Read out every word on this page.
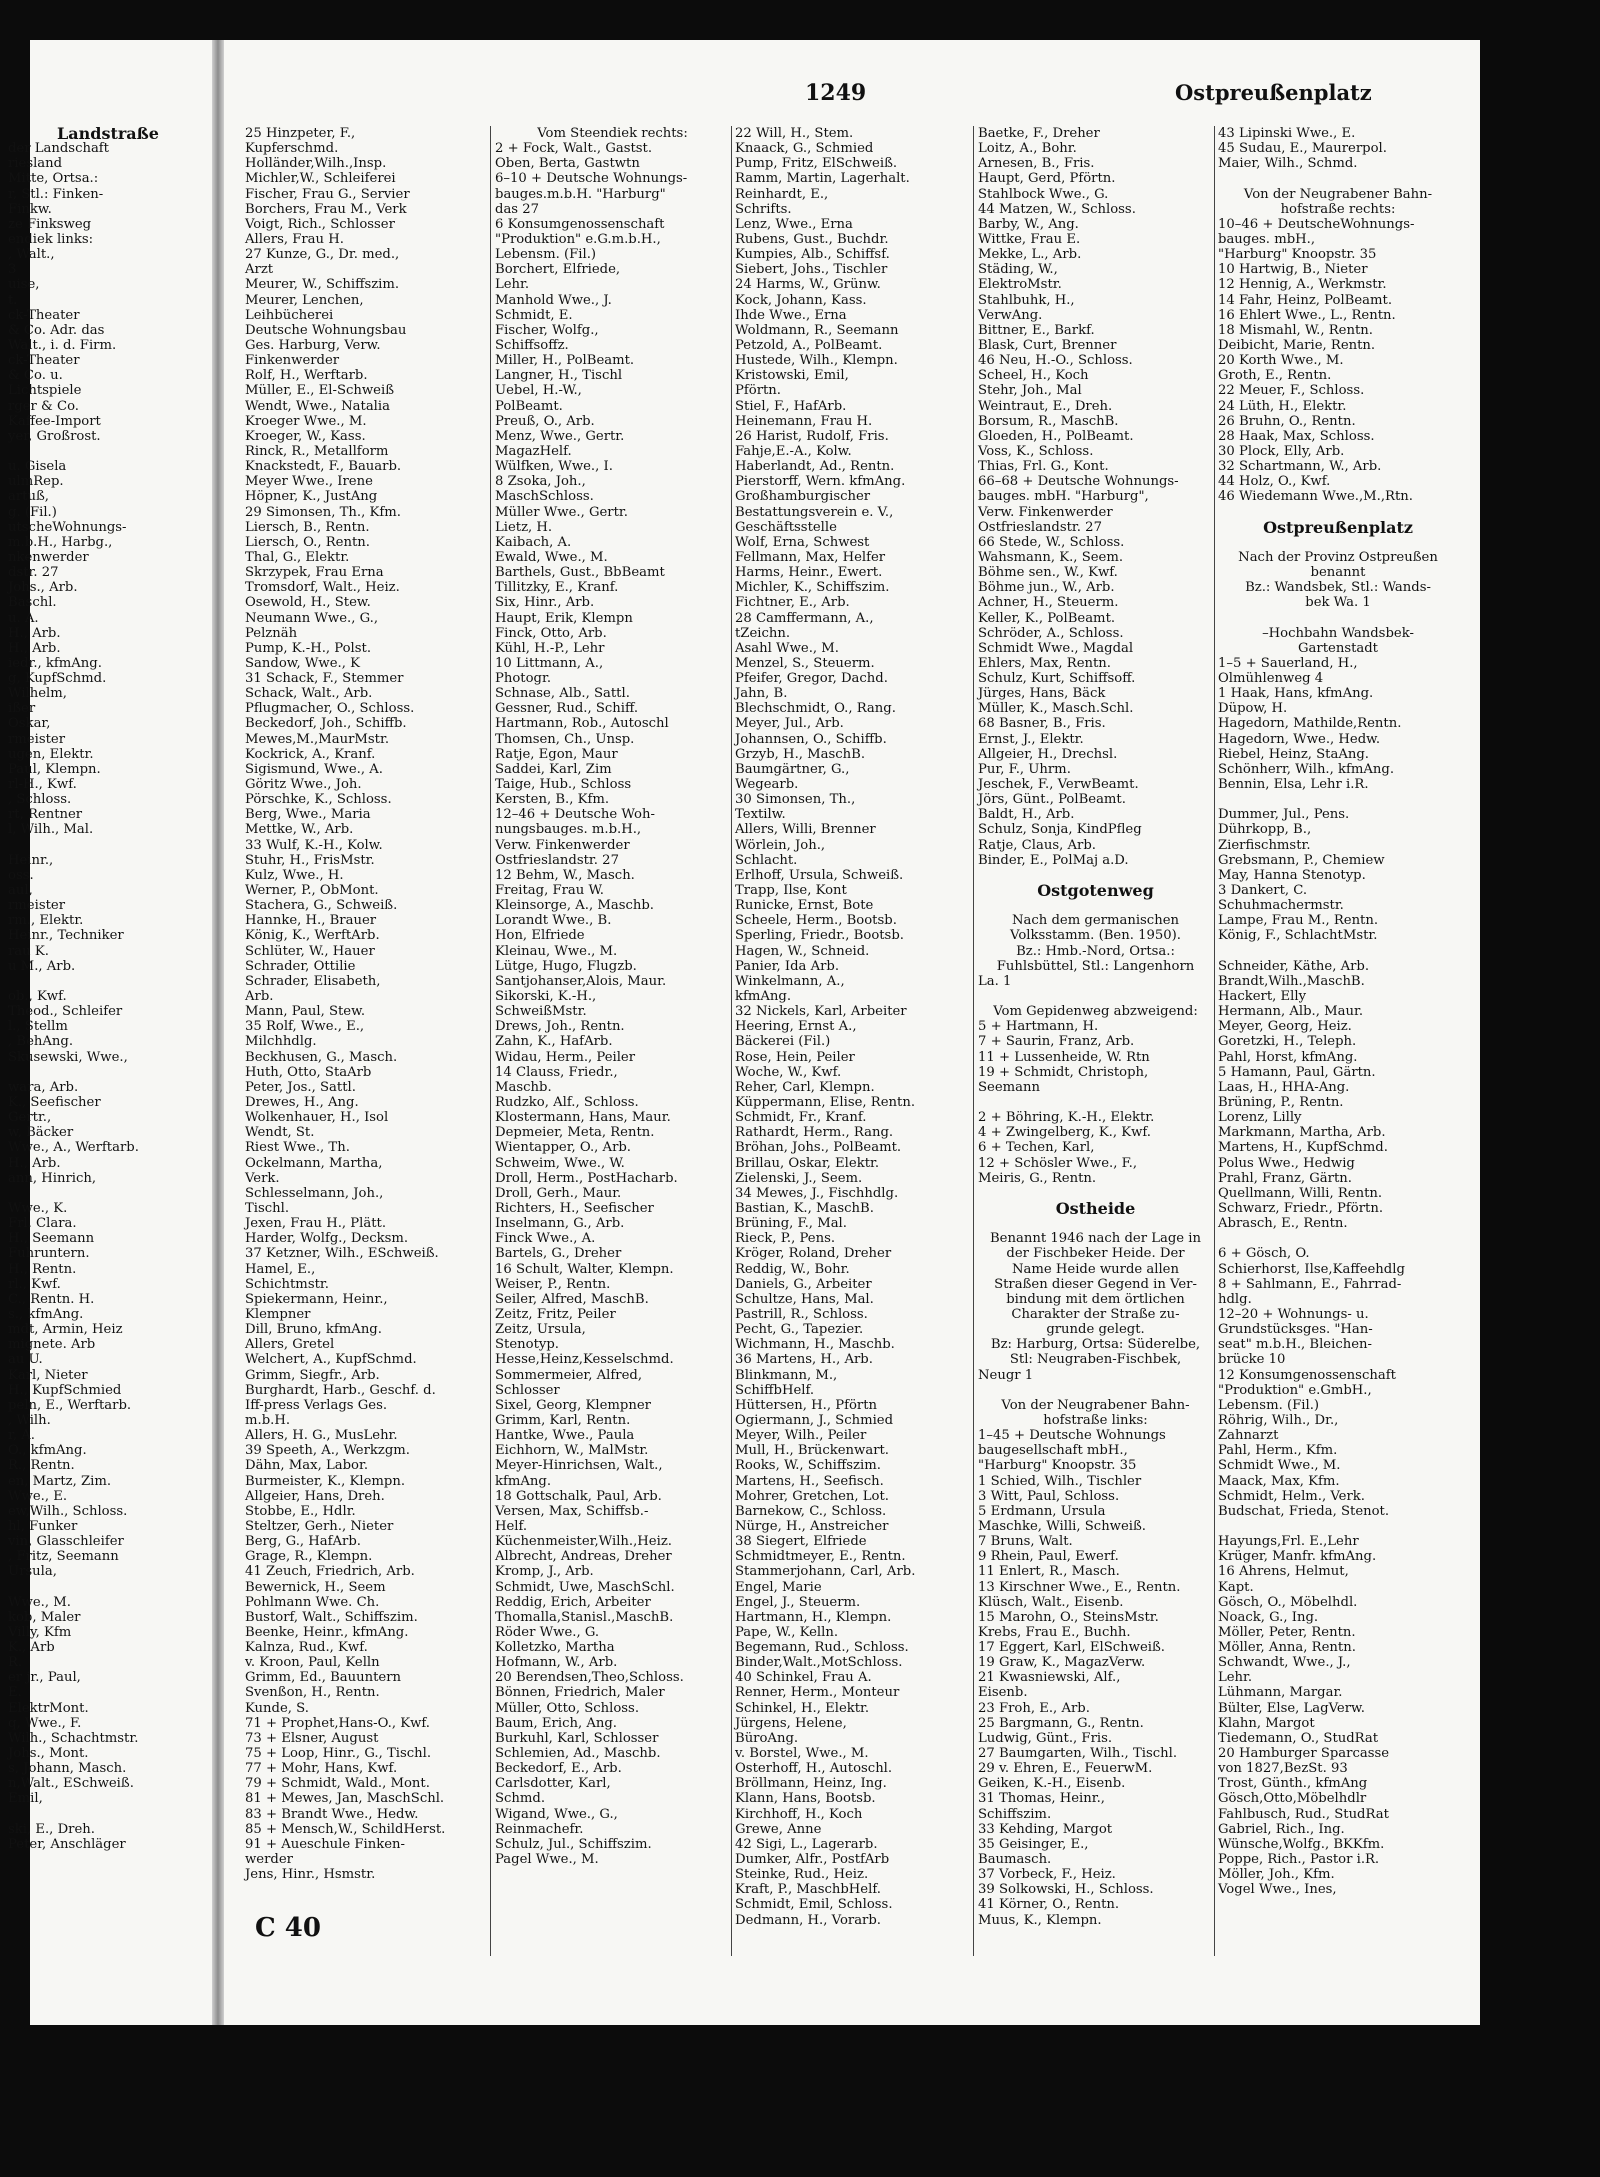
1249	Ostpreußenplatz
Landstraße
der Landschaft
riesland
Mitte, Ortsa.:
r, Stl.: Finken-
Finkw.
ze Finksweg
endiek links:
, Walt.,
3
uise,
t.
ck-Theater
& Co. Adr. das
Walt., i. d. Firm.
ck-Theater
& Co. u.
Lichtspiele
rger & Co.
Kaffee-Import
yer, Großrost.
u. Gisela
ulmRep.
artuß,
g. (Fil.)
utscheWohnungs-
m.b.H., Harbg.,
nkenwerder
dstr. 27
Johs., Arb.
Baschl.
u. A.
H., Arb.
H., Arb.
iedr., kfmAng.
g, KupfSchmd.
Wilhelm,
ißer
Oskar,
rmeister
ugen, Elektr.
Paul, Klempn.
rl-H., Kwf.
, Schloss.
rt, Rentner
l, Wilh., Mal.
Heinr.,
oss.
aul,
rmeister
rm., Elektr.
Heinr., Techniker
rau K.
u M., Arb.
ob., Kwf.
Theod., Schleifer
l., Stellm
, BehAng.
Skusewski, Wwe.,
wara, Arb.
K., Seefischer
Gertr.,
w, Bäcker
Wwe., A., Werftarb.
H., Arb.
ann, Hinrich,
Wwe., K.
Frl. Clara.
H., Seemann
Fuhruntern.
H., Rentn.
rl., Kwf.
C., Rentn. H.
s., kfmAng.
mdt, Armin, Heiz
mignete. Arb
au U.
Karl, Nieter
H., KupfSchmied
peln, E., Werftarb.
, Wilh.
r, A.
O., kfmAng.
R., Rentn.
en, Martz, Zim.
Wwe., E.
ew,Wilh., Schloss.
hl, Funker
vin, Glasschleifer
, Fritz, Seemann
Ursula,
Wwe., M.
kob, Maler
Villy, Kfm
K., Arb
R.
er jr., Paul,
E.
ElektrMont.
q, Wwe., F.
Wilh., Schachtmstr.
Johs., Mont.
s, Johann, Masch.
n,Walt., ESchweiß.
Emil,
ski, E., Dreh.
Peter, Anschläger
25 Hinzpeter, F.,
Kupferschmd.
Holländer,Wilh.,Insp.
Michler,W., Schleiferei
Fischer, Frau G., Servier
Borchers, Frau M., Verk
Voigt, Rich., Schlosser
Allers, Frau H.
27 Kunze, G., Dr. med.,
Arzt
Meurer, W., Schiffszim.
Meurer, Lenchen,
Leihbücherei
Deutsche Wohnungsbau
Ges. Harburg, Verw.
Finkenwerder
Rolf, H., Werftarb.
Müller, E., El-Schweiß
Wendt, Wwe., Natalia
Kroeger Wwe., M.
Kroeger, W., Kass.
Rinck, R., Metallform
Knackstedt, F., Bauarb.
Meyer Wwe., Irene
Höpner, K., JustAng
29 Simonsen, Th., Kfm.
Liersch, B., Rentn.
Liersch, O., Rentn.
Thal, G., Elektr.
Skrzypek, Frau Erna
Tromsdorf, Walt., Heiz.
Osewold, H., Stew.
Neumann Wwe., G.,
Pelznäh
Pump, K.-H., Polst.
Sandow, Wwe., K
31 Schack, F., Stemmer
Schack, Walt., Arb.
Pflugmacher, O., Schloss.
Beckedorf, Joh., Schiffb.
Mewes,M.,MaurMstr.
Kockrick, A., Kranf.
Sigismund, Wwe., A.
Göritz Wwe., Joh.
Pörschke, K., Schloss.
Berg, Wwe., Maria
Mettke, W., Arb.
33 Wulf, K.-H., Kolw.
Stuhr, H., FrisMstr.
Kulz, Wwe., H.
Werner, P., ObMont.
Stachera, G., Schweiß.
Hannke, H., Brauer
König, K., WerftArb.
Schlüter, W., Hauer
Schrader, Ottilie
Schrader, Elisabeth,
Arb.
Mann, Paul, Stew.
35 Rolf, Wwe., E.,
Milchhdlg.
Beckhusen, G., Masch.
Huth, Otto, StaArb
Peter, Jos., Sattl.
Drewes, H., Ang.
Wolkenhauer, H., Isol
Wendt, St.
Riest Wwe., Th.
Ockelmann, Martha,
Verk.
Schlesselmann, Joh.,
Tischl.
Jexen, Frau H., Plätt.
Harder, Wolfg., Decksm.
37 Ketzner, Wilh., ESchweiß.
Hamel, E.,
Schichtmstr.
Spiekermann, Heinr.,
Klempner
Dill, Bruno, kfmAng.
Allers, Gretel
Welchert, A., KupfSchmd.
Grimm, Siegfr., Arb.
Burghardt, Harb., Geschf. d.
Iff-press Verlags Ges.
m.b.H.
Allers, H. G., MusLehr.
39 Speeth, A., Werkzgm.
Dähn, Max, Labor.
Burmeister, K., Klempn.
Allgeier, Hans, Dreh.
Stobbe, E., Hdlr.
Steltzer, Gerh., Nieter
Berg, G., HafArb.
Grage, R., Klempn.
41 Zeuch, Friedrich, Arb.
Bewernick, H., Seem
Pohlmann Wwe. Ch.
Bustorf, Walt., Schiffszim.
Beenke, Heinr., kfmAng.
Kalnza, Rud., Kwf.
v. Kroon, Paul, Kelln
Grimm, Ed., Bauuntern
Svenßon, H., Rentn.
Kunde, S.
71 + Prophet,Hans-O., Kwf.
73 + Elsner, August
75 + Loop, Hinr., G., Tischl.
77 + Mohr, Hans, Kwf.
79 + Schmidt, Wald., Mont.
81 + Mewes, Jan, MaschSchl.
83 + Brandt Wwe., Hedw.
85 + Mensch,W., SchildHerst.
91 + Aueschule Finken-
werder
Jens, Hinr., Hsmstr.
Vom Steendiek rechts:
2 + Fock, Walt., Gastst.
Oben, Berta, Gastwtn
6–10 + Deutsche Wohnungs-
bauges.m.b.H. "Harburg"
das 27
6 Konsumgenossenschaft
"Produktion" e.G.m.b.H.,
Lebensm. (Fil.)
Borchert, Elfriede,
Lehr.
Manhold Wwe., J.
Schmidt, E.
Fischer, Wolfg.,
Schiffsoffz.
Miller, H., PolBeamt.
Langner, H., Tischl
Uebel, H.-W.,
PolBeamt.
Preuß, O., Arb.
Menz, Wwe., Gertr.
MagazHelf.
Wülfken, Wwe., I.
8 Zsoka, Joh.,
MaschSchloss.
Müller Wwe., Gertr.
Lietz, H.
Kaibach, A.
Ewald, Wwe., M.
Barthels, Gust., BbBeamt
Tillitzky, E., Kranf.
Six, Hinr., Arb.
Haupt, Erik, Klempn
Finck, Otto, Arb.
Kühl, H.-P., Lehr
10 Littmann, A.,
Photogr.
Schnase, Alb., Sattl.
Gessner, Rud., Schiff.
Hartmann, Rob., Autoschl
Thomsen, Ch., Unsp.
Ratje, Egon, Maur
Saddei, Karl, Zim
Taige, Hub., Schloss
Kersten, B., Kfm.
12–46 + Deutsche Woh-
nungsbauges. m.b.H.,
Verw. Finkenwerder
Ostfrieslandstr. 27
12 Behm, W., Masch.
Freitag, Frau W.
Kleinsorge, A., Maschb.
Lorandt Wwe., B.
Hon, Elfriede
Kleinau, Wwe., M.
Lütge, Hugo, Flugzb.
Santjohanser,Alois, Maur.
Sikorski, K.-H.,
SchweißMstr.
Drews, Joh., Rentn.
Zahn, K., HafArb.
Widau, Herm., Peiler
14 Clauss, Friedr.,
Maschb.
Rudzko, Alf., Schloss.
Klostermann, Hans, Maur.
Depmeier, Meta, Rentn.
Wientapper, O., Arb.
Schweim, Wwe., W.
Droll, Herm., PostHacharb.
Droll, Gerh., Maur.
Richters, H., Seefischer
Inselmann, G., Arb.
Finck Wwe., A.
Bartels, G., Dreher
16 Schult, Walter, Klempn.
Weiser, P., Rentn.
Seiler, Alfred, MaschB.
Zeitz, Fritz, Peiler
Zeitz, Ursula,
Stenotyp.
Hesse,Heinz,Kesselschmd.
Sommermeier, Alfred,
Schlosser
Sixel, Georg, Klempner
Grimm, Karl, Rentn.
Hantke, Wwe., Paula
Eichhorn, W., MalMstr.
Meyer-Hinrichsen, Walt.,
kfmAng.
18 Gottschalk, Paul, Arb.
Versen, Max, Schiffsb.-
Helf.
Küchenmeister,Wilh.,Heiz.
Albrecht, Andreas, Dreher
Kromp, J., Arb.
Schmidt, Uwe, MaschSchl.
Reddig, Erich, Arbeiter
Thomalla,Stanisl.,MaschB.
Röder Wwe., G.
Kolletzko, Martha
Hofmann, W., Arb.
20 Berendsen,Theo,Schloss.
Bönnen, Friedrich, Maler
Müller, Otto, Schloss.
Baum, Erich, Ang.
Burkuhl, Karl, Schlosser
Schlemien, Ad., Maschb.
Beckedorf, E., Arb.
Carlsdotter, Karl,
Schmd.
Wigand, Wwe., G.,
Reinmachefr.
Schulz, Jul., Schiffszim.
Pagel Wwe., M.
22 Will, H., Stem.
Knaack, G., Schmied
Pump, Fritz, ElSchweiß.
Ramm, Martin, Lagerhalt.
Reinhardt, E.,
Schrifts.
Lenz, Wwe., Erna
Rubens, Gust., Buchdr.
Kumpies, Alb., Schiffsf.
Siebert, Johs., Tischler
24 Harms, W., Grünw.
Kock, Johann, Kass.
Ihde Wwe., Erna
Woldmann, R., Seemann
Petzold, A., PolBeamt.
Hustede, Wilh., Klempn.
Kristowski, Emil,
Pförtn.
Stiel, F., HafArb.
Heinemann, Frau H.
26 Harist, Rudolf, Fris.
Fahje,E.-A., Kolw.
Haberlandt, Ad., Rentn.
Pierstorff, Wern. kfmAng.
Großhamburgischer
Bestattungsverein e. V.,
Geschäftsstelle
Wolf, Erna, Schwest
Fellmann, Max, Helfer
Harms, Heinr., Ewert.
Michler, K., Schiffszim.
Fichtner, E., Arb.
28 Camffermann, A.,
tZeichn.
Asahl Wwe., M.
Menzel, S., Steuerm.
Pfeifer, Gregor, Dachd.
Jahn, B.
Blechschmidt, O., Rang.
Meyer, Jul., Arb.
Johannsen, O., Schiffb.
Grzyb, H., MaschB.
Baumgärtner, G.,
Wegearb.
30 Simonsen, Th.,
Textilw.
Allers, Willi, Brenner
Wörlein, Joh.,
Schlacht.
Erlhoff, Ursula, Schweiß.
Trapp, Ilse, Kont
Runicke, Ernst, Bote
Scheele, Herm., Bootsb.
Sperling, Friedr., Bootsb.
Hagen, W., Schneid.
Panier, Ida Arb.
Winkelmann, A.,
kfmAng.
32 Nickels, Karl, Arbeiter
Heering, Ernst A.,
Bäckerei (Fil.)
Rose, Hein, Peiler
Woche, W., Kwf.
Reher, Carl, Klempn.
Küppermann, Elise, Rentn.
Schmidt, Fr., Kranf.
Rathardt, Herm., Rang.
Bröhan, Johs., PolBeamt.
Brillau, Oskar, Elektr.
Zielenski, J., Seem.
34 Mewes, J., Fischhdlg.
Bastian, K., MaschB.
Brüning, F., Mal.
Rieck, P., Pens.
Kröger, Roland, Dreher
Reddig, W., Bohr.
Daniels, G., Arbeiter
Schultze, Hans, Mal.
Pastrill, R., Schloss.
Pecht, G., Tapezier.
Wichmann, H., Maschb.
36 Martens, H., Arb.
Blinkmann, M.,
SchiffbHelf.
Hüttersen, H., Pförtn
Ogiermann, J., Schmied
Meyer, Wilh., Peiler
Mull, H., Brückenwart.
Rooks, W., Schiffszim.
Martens, H., Seefisch.
Mohrer, Gretchen, Lot.
Barnekow, C., Schloss.
Nürge, H., Anstreicher
38 Siegert, Elfriede
Schmidtmeyer, E., Rentn.
Stammerjohann, Carl, Arb.
Engel, Marie
Engel, J., Steuerm.
Hartmann, H., Klempn.
Pape, W., Kelln.
Begemann, Rud., Schloss.
Binder,Walt.,MotSchloss.
40 Schinkel, Frau A.
Renner, Herm., Monteur
Schinkel, H., Elektr.
Jürgens, Helene,
BüroAng.
v. Borstel, Wwe., M.
Osterhoff, H., Autoschl.
Bröllmann, Heinz, Ing.
Klann, Hans, Bootsb.
Kirchhoff, H., Koch
Grewe, Anne
42 Sigi, L., Lagerarb.
Dumker, Alfr., PostfArb
Steinke, Rud., Heiz.
Kraft, P., MaschbHelf.
Schmidt, Emil, Schloss.
Dedmann, H., Vorarb.
Baetke, F., Dreher
Loitz, A., Bohr.
Arnesen, B., Fris.
Haupt, Gerd, Pförtn.
Stahlbock Wwe., G.
44 Matzen, W., Schloss.
Barby, W., Ang.
Wittke, Frau E.
Mekke, L., Arb.
Städing, W.,
ElektroMstr.
Stahlbuhk, H.,
VerwAng.
Bittner, E., Barkf.
Blask, Curt, Brenner
46 Neu, H.-O., Schloss.
Scheel, H., Koch
Stehr, Joh., Mal
Weintraut, E., Dreh.
Borsum, R., MaschB.
Gloeden, H., PolBeamt.
Voss, K., Schloss.
Thias, Frl. G., Kont.
66–68 + Deutsche Wohnungs-
bauges. mbH. "Harburg",
Verw. Finkenwerder
Ostfrieslandstr. 27
66 Stede, W., Schloss.
Wahsmann, K., Seem.
Böhme sen., W., Kwf.
Böhme jun., W., Arb.
Achner, H., Steuerm.
Keller, K., PolBeamt.
Schröder, A., Schloss.
Schmidt Wwe., Magdal
Ehlers, Max, Rentn.
Schulz, Kurt, Schiffsoff.
Jürges, Hans, Bäck
Müller, K., Masch.Schl.
68 Basner, B., Fris.
Ernst, J., Elektr.
Allgeier, H., Drechsl.
Pur, F., Uhrm.
Jeschek, F., VerwBeamt.
Jörs, Günt., PolBeamt.
Baldt, H., Arb.
Schulz, Sonja, KindPfleg
Ratje, Claus, Arb.
Binder, E., PolMaj a.D.
Ostgotenweg
Nach dem germanischen
Volksstamm. (Ben. 1950).
Bz.: Hmb.-Nord, Ortsa.:
Fuhlsbüttel, Stl.: Langenhorn
La. 1
Vom Gepidenweg abzweigend:
5 + Hartmann, H.
7 + Saurin, Franz, Arb.
11 + Lussenheide, W. Rtn
19 + Schmidt, Christoph,
Seemann
2 + Böhring, K.-H., Elektr.
4 + Zwingelberg, K., Kwf.
6 + Techen, Karl,
12 + Schösler Wwe., F.,
Meiris, G., Rentn.
Ostheide
Benannt 1946 nach der Lage in
der Fischbeker Heide. Der
Name Heide wurde allen
Straßen dieser Gegend in Ver-
bindung mit dem örtlichen
Charakter der Straße zu-
grunde gelegt.
Bz: Harburg, Ortsa: Süderelbe,
Stl: Neugraben-Fischbek,
Neugr 1
Von der Neugrabener Bahn-
hofstraße links:
1–45 + Deutsche Wohnungs
baugesellschaft mbH.,
"Harburg" Knoopstr. 35
1 Schied, Wilh., Tischler
3 Witt, Paul, Schloss.
5 Erdmann, Ursula
Maschke, Willi, Schweiß.
7 Bruns, Walt.
9 Rhein, Paul, Ewerf.
11 Enlert, R., Masch.
13 Kirschner Wwe., E., Rentn.
Klüsch, Walt., Eisenb.
15 Marohn, O., SteinsMstr.
Krebs, Frau E., Buchh.
17 Eggert, Karl, ElSchweiß.
19 Graw, K., MagazVerw.
21 Kwasniewski, Alf.,
Eisenb.
23 Froh, E., Arb.
25 Bargmann, G., Rentn.
Ludwig, Günt., Fris.
27 Baumgarten, Wilh., Tischl.
29 v. Ehren, E., FeuerwM.
Geiken, K.-H., Eisenb.
31 Thomas, Heinr.,
Schiffszim.
33 Kehding, Margot
35 Geisinger, E.,
Baumasch.
37 Vorbeck, F., Heiz.
39 Solkowski, H., Schloss.
41 Körner, O., Rentn.
Muus, K., Klempn.
43 Lipinski Wwe., E.
45 Sudau, E., Maurerpol.
Maier, Wilh., Schmd.
Von der Neugrabener Bahn-
hofstraße rechts:
10–46 + DeutscheWohnungs-
bauges. mbH.,
"Harburg" Knoopstr. 35
10 Hartwig, B., Nieter
12 Hennig, A., Werkmstr.
14 Fahr, Heinz, PolBeamt.
16 Ehlert Wwe., L., Rentn.
18 Mismahl, W., Rentn.
Deibicht, Marie, Rentn.
20 Korth Wwe., M.
Groth, E., Rentn.
22 Meuer, F., Schloss.
24 Lüth, H., Elektr.
26 Bruhn, O., Rentn.
28 Haak, Max, Schloss.
30 Plock, Elly, Arb.
32 Schartmann, W., Arb.
44 Holz, O., Kwf.
46 Wiedemann Wwe.,M.,Rtn.
Ostpreußenplatz
Nach der Provinz Ostpreußen
benannt
Bz.: Wandsbek, Stl.: Wands-
bek Wa. 1
–Hochbahn Wandsbek-
Gartenstadt
1–5 + Sauerland, H.,
Olmühlenweg 4
1 Haak, Hans, kfmAng.
Düpow, H.
Hagedorn, Mathilde,Rentn.
Hagedorn, Wwe., Hedw.
Riebel, Heinz, StaAng.
Schönherr, Wilh., kfmAng.
Bennin, Elsa, Lehr i.R.
Dummer, Jul., Pens.
Dührkopp, B.,
Zierfischmstr.
Grebsmann, P., Chemiew
May, Hanna Stenotyp.
3 Dankert, C.
Schuhmachermstr.
Lampe, Frau M., Rentn.
König, F., SchlachtMstr.
Schneider, Käthe, Arb.
Brandt,Wilh.,MaschB.
Hackert, Elly
Hermann, Alb., Maur.
Meyer, Georg, Heiz.
Goretzki, H., Teleph.
Pahl, Horst, kfmAng.
5 Hamann, Paul, Gärtn.
Laas, H., HHA-Ang.
Brüning, P., Rentn.
Lorenz, Lilly
Markmann, Martha, Arb.
Martens, H., KupfSchmd.
Polus Wwe., Hedwig
Prahl, Franz, Gärtn.
Quellmann, Willi, Rentn.
Schwarz, Friedr., Pförtn.
Abrasch, E., Rentn.
6 + Gösch, O.
Schierhorst, Ilse,Kaffeehdlg
8 + Sahlmann, E., Fahrrad-
hdlg.
12–20 + Wohnungs- u.
Grundstücksges. "Han-
seat" m.b.H., Bleichen-
brücke 10
12 Konsumgenossenschaft
"Produktion" e.GmbH.,
Lebensm. (Fil.)
Röhrig, Wilh., Dr.,
Zahnarzt
Pahl, Herm., Kfm.
Schmidt Wwe., M.
Maack, Max, Kfm.
Schmidt, Helm., Verk.
Budschat, Frieda, Stenot.
Hayungs,Frl. E.,Lehr
Krüger, Manfr. kfmAng.
16 Ahrens, Helmut,
Kapt.
Gösch, O., Möbelhdl.
Noack, G., Ing.
Möller, Peter, Rentn.
Möller, Anna, Rentn.
Schwandt, Wwe., J.,
Lehr.
Lühmann, Margar.
Bülter, Else, LagVerw.
Klahn, Margot
Tiedemann, O., StudRat
20 Hamburger Sparcasse
von 1827,BezSt. 93
Trost, Günth., kfmAng
Gösch,Otto,Möbelhdlr
Fahlbusch, Rud., StudRat
Gabriel, Rich., Ing.
Wünsche,Wolfg., BKKfm.
Poppe, Rich., Pastor i.R.
Möller, Joh., Kfm.
Vogel Wwe., Ines,
C 40
